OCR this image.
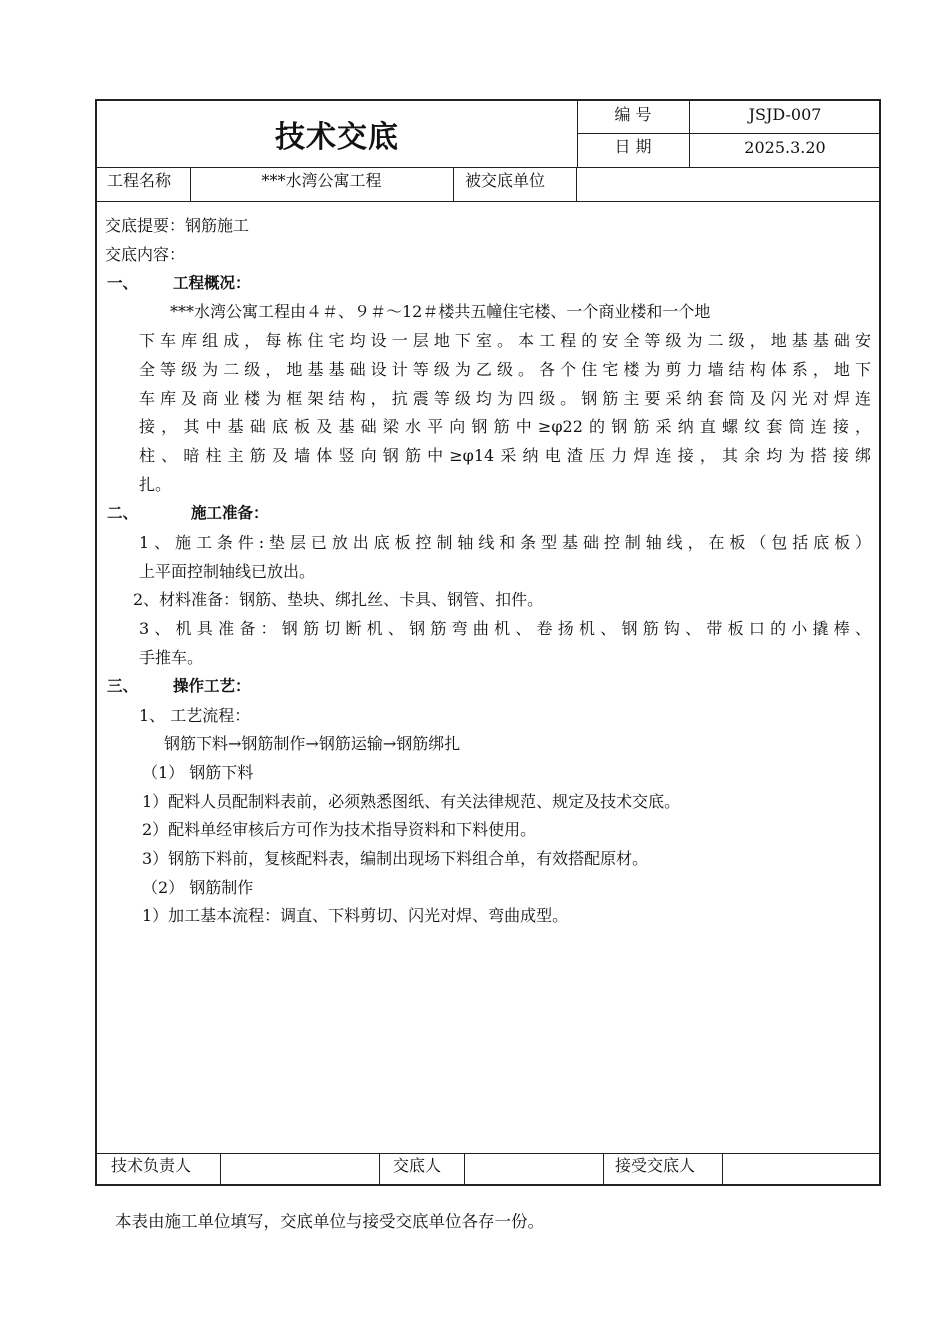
技术交底
编 号	JSJD-007
日 期	2025.3.20
工程名称	***水湾公寓工程	被交底单位
技术负责人	交底人	接受交底人
交底提要：钢筋施工
交底内容：
一、 工程概况：
***水湾公寓工程由４＃、９＃～12＃楼共五幢住宅楼、一个商业楼和一个地
下车库组成，每栋住宅均设一层地下室。本工程的安全等级为二级，地基基础安
全等级为二级，地基基础设计等级为乙级。各个住宅楼为剪力墙结构体系，地下
车库及商业楼为框架结构，抗震等级均为四级。钢筋主要采纳套筒及闪光对焊连
接，其中基础底板及基础梁水平向钢筋中≥φ22的钢筋采纳直螺纹套筒连接，
柱、暗柱主筋及墙体竖向钢筋中≥φ14采纳电渣压力焊连接，其余均为搭接绑
扎。
二、	施工准备：
1、施工条件:垫层已放出底板控制轴线和条型基础控制轴线，在板（包括底板）
上平面控制轴线已放出。
2、材料准备：钢筋、垫块、绑扎丝、卡具、钢管、扣件。
3、机具准备：钢筋切断机、钢筋弯曲机、卷扬机、钢筋钩、带板口的小撬棒、
手推车。
三、 操作工艺：
1、 工艺流程：
钢筋下料→钢筋制作→钢筋运输→钢筋绑扎
（1） 钢筋下料
1）配料人员配制料表前，必须熟悉图纸、有关法律规范、规定及技术交底。
2）配料单经审核后方可作为技术指导资料和下料使用。
3）钢筋下料前，复核配料表，编制出现场下料组合单，有效搭配原材。
（2） 钢筋制作
1）加工基本流程：调直、下料剪切、闪光对焊、弯曲成型。
本表由施工单位填写，交底单位与接受交底单位各存一份。
